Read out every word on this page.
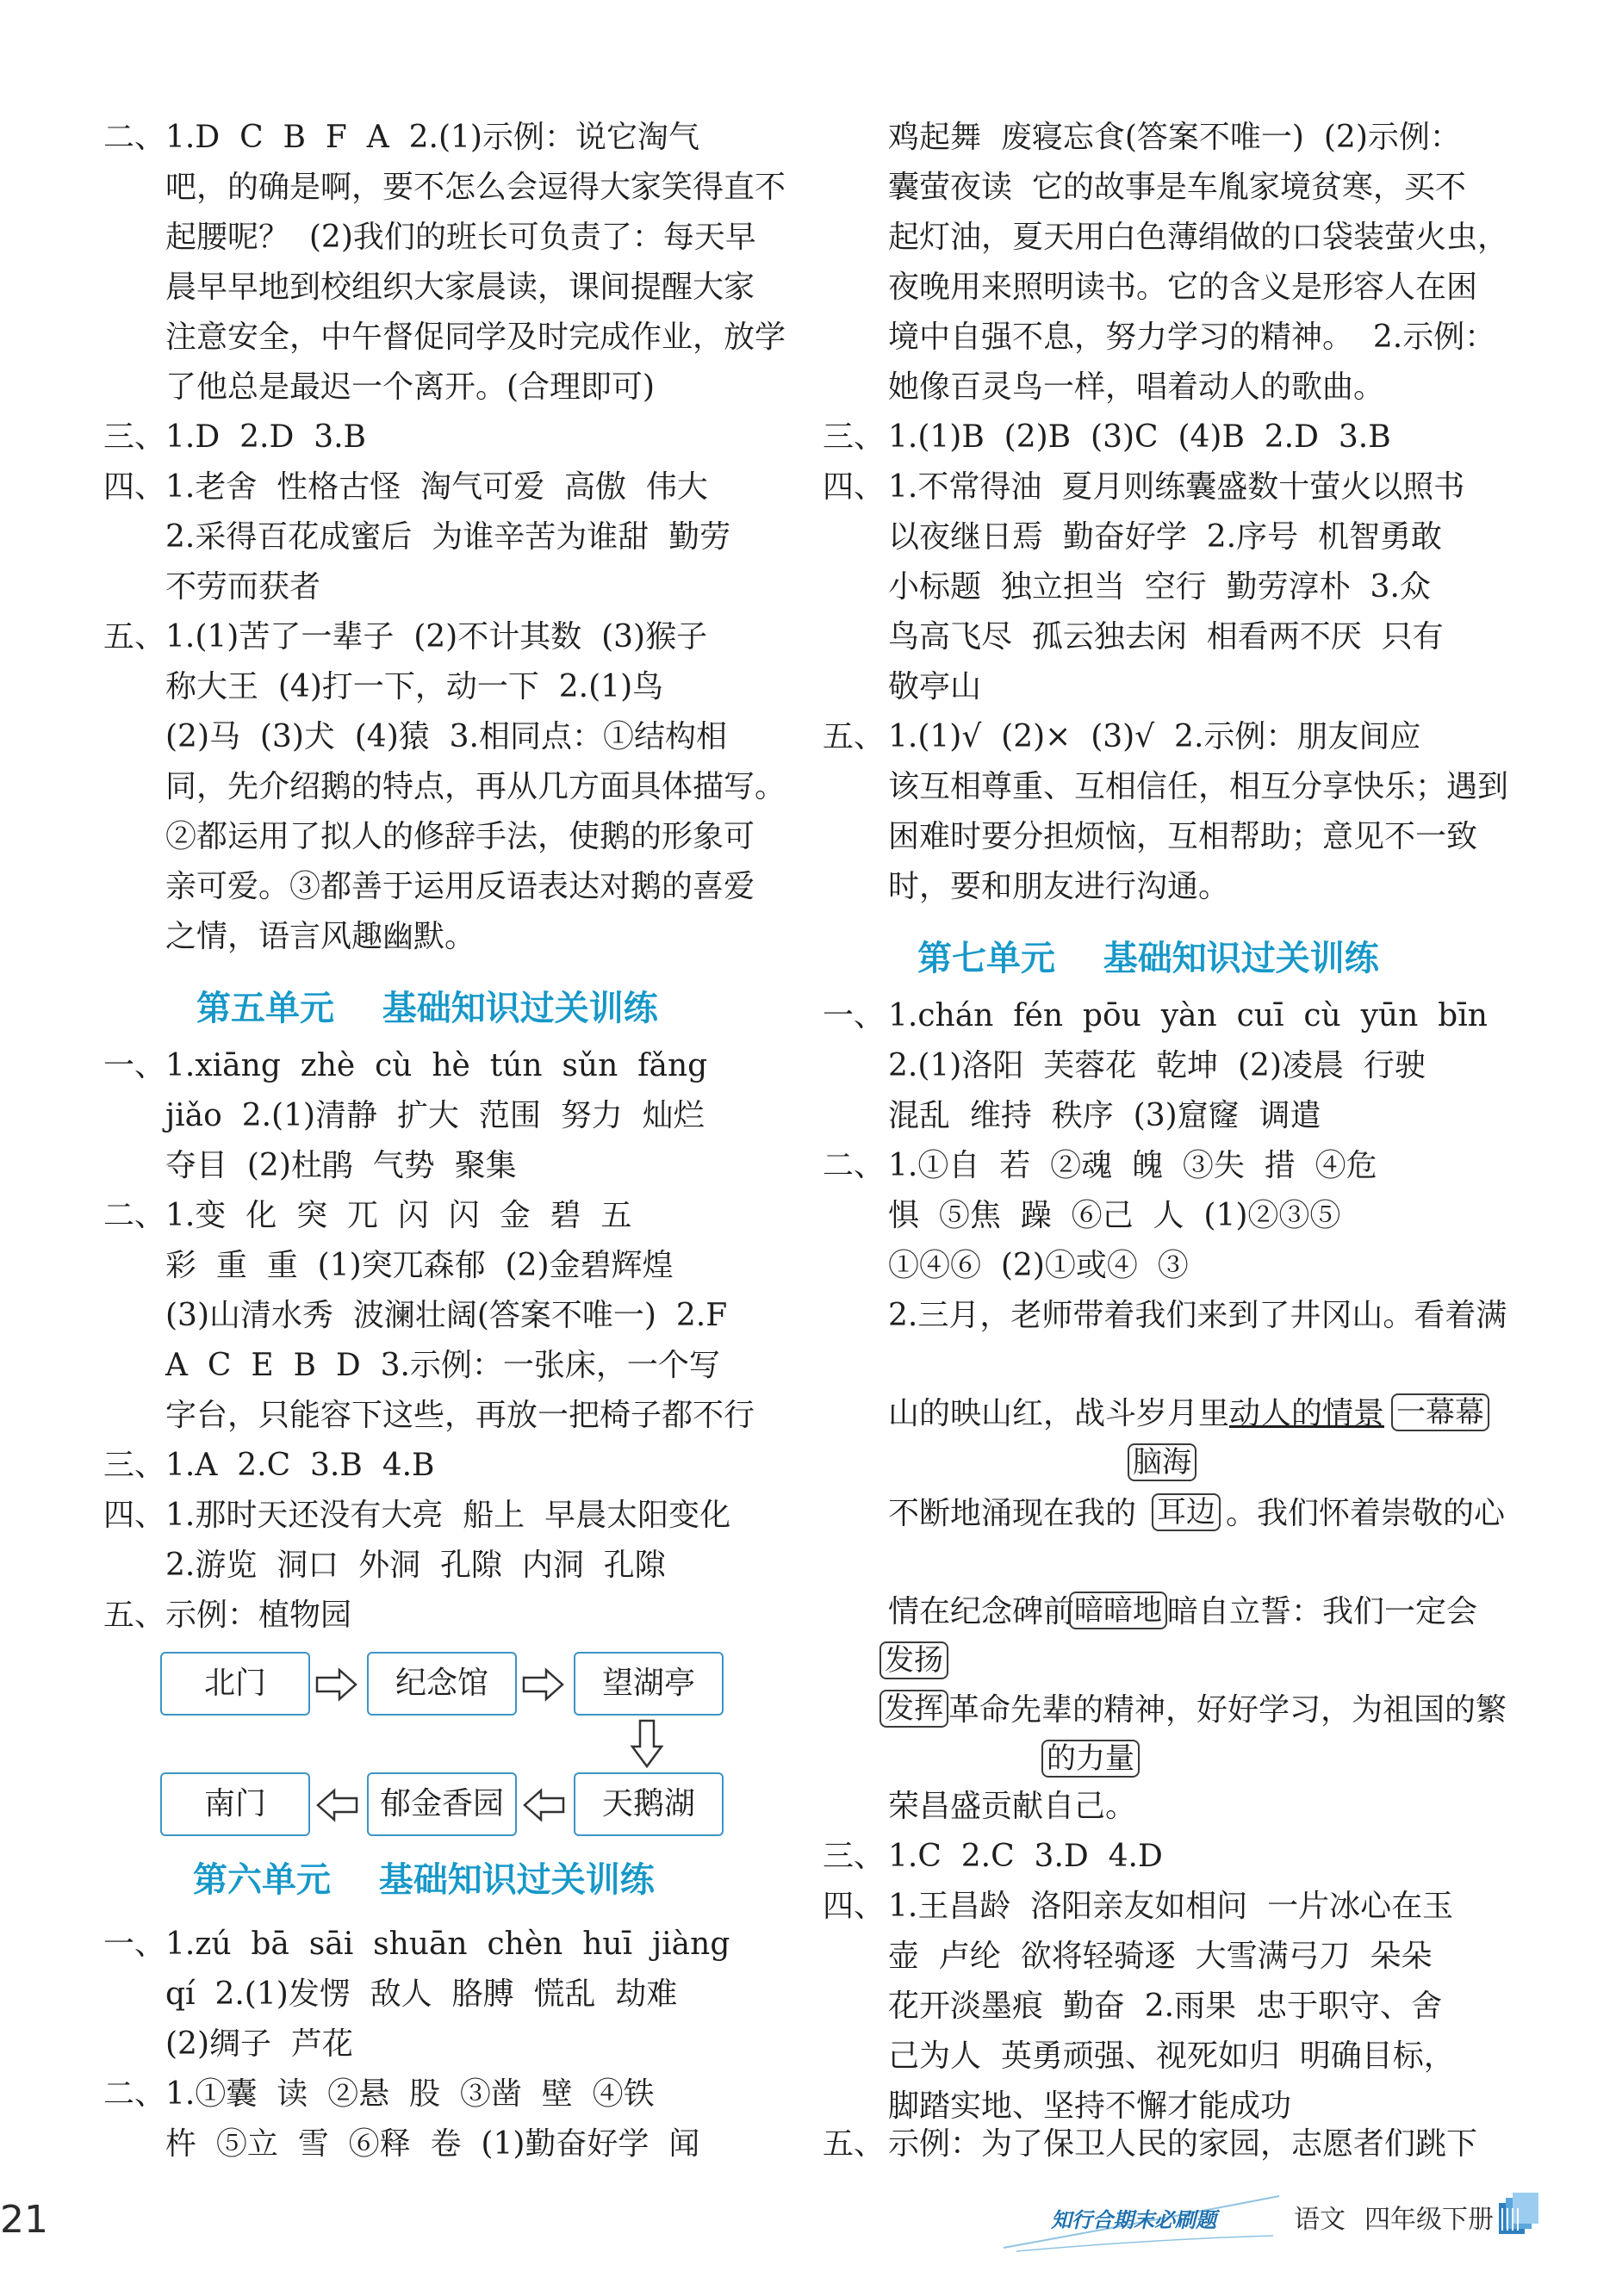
二、 1.D  C  B  F  A  2.(1)示例：说它淘气
吧，的确是啊，要不怎么会逗得大家笑得直不
起腰呢？  (2)我们的班长可负责了：每天早
晨早早地到校组织大家晨读，课间提醒大家
注意安全，中午督促同学及时完成作业，放学
了他总是最迟一个离开。(合理即可)
三、 1.D  2.D  3.B
四、 1.老舍  性格古怪  淘气可爱  高傲  伟大
2.采得百花成蜜后  为谁辛苦为谁甜  勤劳
不劳而获者
五、 1.(1)苦了一辈子  (2)不计其数  (3)猴子
称大王  (4)打一下，动一下  2.(1)鸟
(2)马  (3)犬  (4)猿  3.相同点：①结构相
同，先介绍鹅的特点，再从几方面具体描写。
②都运用了拟人的修辞手法，使鹅的形象可
亲可爱。③都善于运用反语表达对鹅的喜爱
之情，语言风趣幽默。
第五单元    基础知识过关训练
一、 1.xiāng  zhè  cù  hè  tún  sǔn  fǎng
jiǎo  2.(1)清静  扩大  范围  努力  灿烂
夺目  (2)杜鹃  气势  聚集
二、 1.变  化  突  兀  闪  闪  金  碧  五
彩  重  重  (1)突兀森郁  (2)金碧辉煌
(3)山清水秀  波澜壮阔(答案不唯一)  2.F
A  C  E  B  D  3.示例：一张床，一个写
字台，只能容下这些，再放一把椅子都不行
三、 1.A  2.C  3.B  4.B
四、 1.那时天还没有大亮  船上  早晨太阳变化
2.游览  洞口  外洞  孔隙  内洞  孔隙
五、 示例：植物园
北门	纪念馆	望湖亭
天鹅湖
郁金香园
南门
第六单元    基础知识过关训练
一、 1.zú  bā  sāi  shuān  chèn  huī  jiàng
qí  2.(1)发愣  敌人  胳膊  慌乱  劫难
(2)绸子  芦花
二、 1.①囊  读  ②悬  股  ③凿  壁  ④铁
杵  ⑤立  雪  ⑥释  卷  (1)勤奋好学  闻
鸡起舞  废寝忘食(答案不唯一)  (2)示例：
囊萤夜读  它的故事是车胤家境贫寒，买不
起灯油，夏天用白色薄绢做的口袋装萤火虫，
夜晚用来照明读书。它的含义是形容人在困
境中自强不息，努力学习的精神。  2.示例：
她像百灵鸟一样，唱着动人的歌曲。
三、 1.(1)B  (2)B  (3)C  (4)B  2.D  3.B
四、 1.不常得油  夏月则练囊盛数十萤火以照书
以夜继日焉  勤奋好学  2.序号  机智勇敢
小标题  独立担当  空行  勤劳淳朴  3.众
鸟高飞尽  孤云独去闲  相看两不厌  只有
敬亭山
五、 1.(1)√  (2)×  (3)√  2.示例：朋友间应
该互相尊重、互相信任，相互分享快乐；遇到
困难时要分担烦恼，互相帮助；意见不一致
时，要和朋友进行沟通。
第七单元    基础知识过关训练
一、 1.chán  fén  pōu  yàn  cuī  cù  yūn  bīn
2.(1)洛阳  芙蓉花  乾坤  (2)凌晨  行驶
混乱  维持  秩序  (3)窟窿  调遣
二、 1.①自  若  ②魂  魄  ③失  措  ④危
惧  ⑤焦  躁  ⑥己  人  (1)②③⑤
①④⑥  (2)①或④  ③
2.三月，老师带着我们来到了井冈山。看着满
山的映山红，战斗岁月里 动人的情景 一幕幕
脑海
不断地涌现在我的 耳边 。我们怀着崇敬的心
情在纪念碑前 暗暗地 暗自立誓：我们一定会
发扬
发挥 革命先辈的精神，好好学习，为祖国的繁
的力量
荣昌盛贡献自己。
三、 1.C  2.C  3.D  4.D
四、 1.王昌龄  洛阳亲友如相问  一片冰心在玉
壶  卢纶  欲将轻骑逐  大雪满弓刀  朵朵
花开淡墨痕  勤奋  2.雨果  忠于职守、舍
己为人  英勇顽强、视死如归  明确目标，
脚踏实地、坚持不懈才能成功
五、 示例：为了保卫人民的家园，志愿者们跳下
21	知行合期末必刷题	语文 四年级下册
